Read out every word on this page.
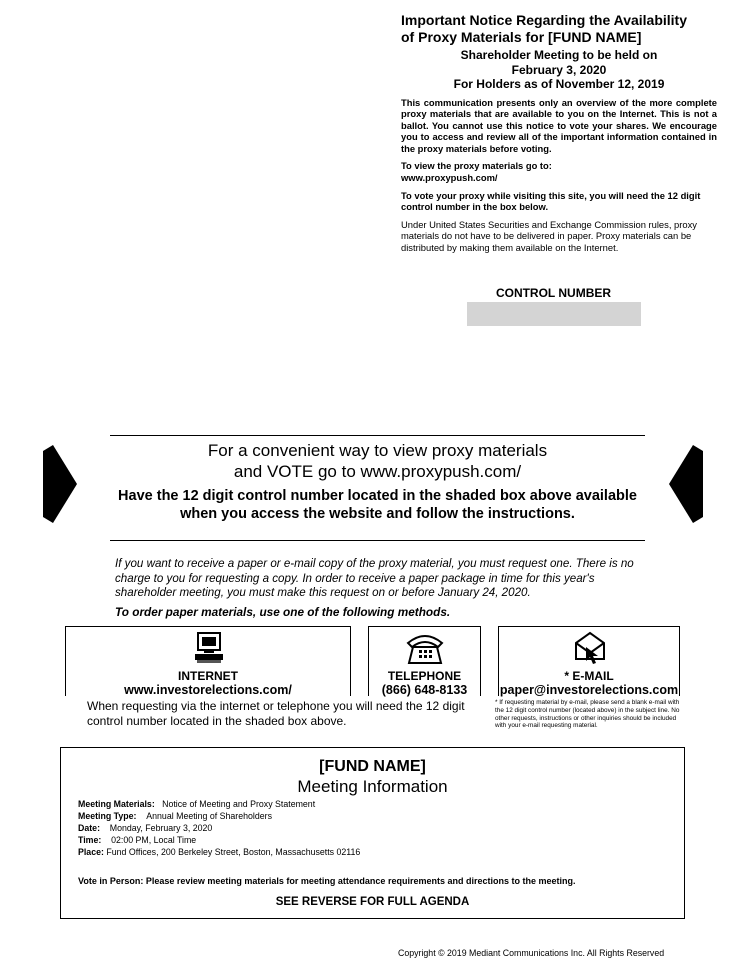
Important Notice Regarding the Availability
of Proxy Materials for [FUND NAME]
Shareholder Meeting to be held on
February 3, 2020
For Holders as of November 12, 2019
This communication presents only an overview of the more complete proxy materials that are available to you on the Internet. This is not a ballot. You cannot use this notice to vote your shares. We encourage you to access and review all of the important information contained in the proxy materials before voting.
To view the proxy materials go to:
www.proxypush.com/
To vote your proxy while visiting this site, you will need the 12 digit control number in the box below.
Under United States Securities and Exchange Commission rules, proxy materials do not have to be delivered in paper. Proxy materials can be distributed by making them available on the Internet.
CONTROL NUMBER
For a convenient way to view proxy materials
and VOTE go to www.proxypush.com/
Have the 12 digit control number located in the shaded box above available
when you access the website and follow the instructions.
If you want to receive a paper or e-mail copy of the proxy material, you must request one. There is no charge to you for requesting a copy. In order to receive a paper package in time for this year's shareholder meeting, you must make this request on or before January 24, 2020.
To order paper materials, use one of the following methods.
INTERNET
www.investorelections.com/
TELEPHONE
(866) 648-8133
* E-MAIL
paper@investorelections.com
When requesting via the internet or telephone you will need the 12 digit control number located in the shaded box above.
* If requesting material by e-mail, please send a blank e-mail with the 12 digit control number (located above) in the subject line. No other requests, instructions or other inquiries should be included with your e-mail requesting material.
[FUND NAME]
Meeting Information
Meeting Materials: Notice of Meeting and Proxy Statement
Meeting Type: Annual Meeting of Shareholders
Date: Monday, February 3, 2020
Time: 02:00 PM, Local Time
Place: Fund Offices, 200 Berkeley Street, Boston, Massachusetts 02116
Vote in Person: Please review meeting materials for meeting attendance requirements and directions to the meeting.
SEE REVERSE FOR FULL AGENDA
Copyright © 2019 Mediant Communications Inc. All Rights Reserved
